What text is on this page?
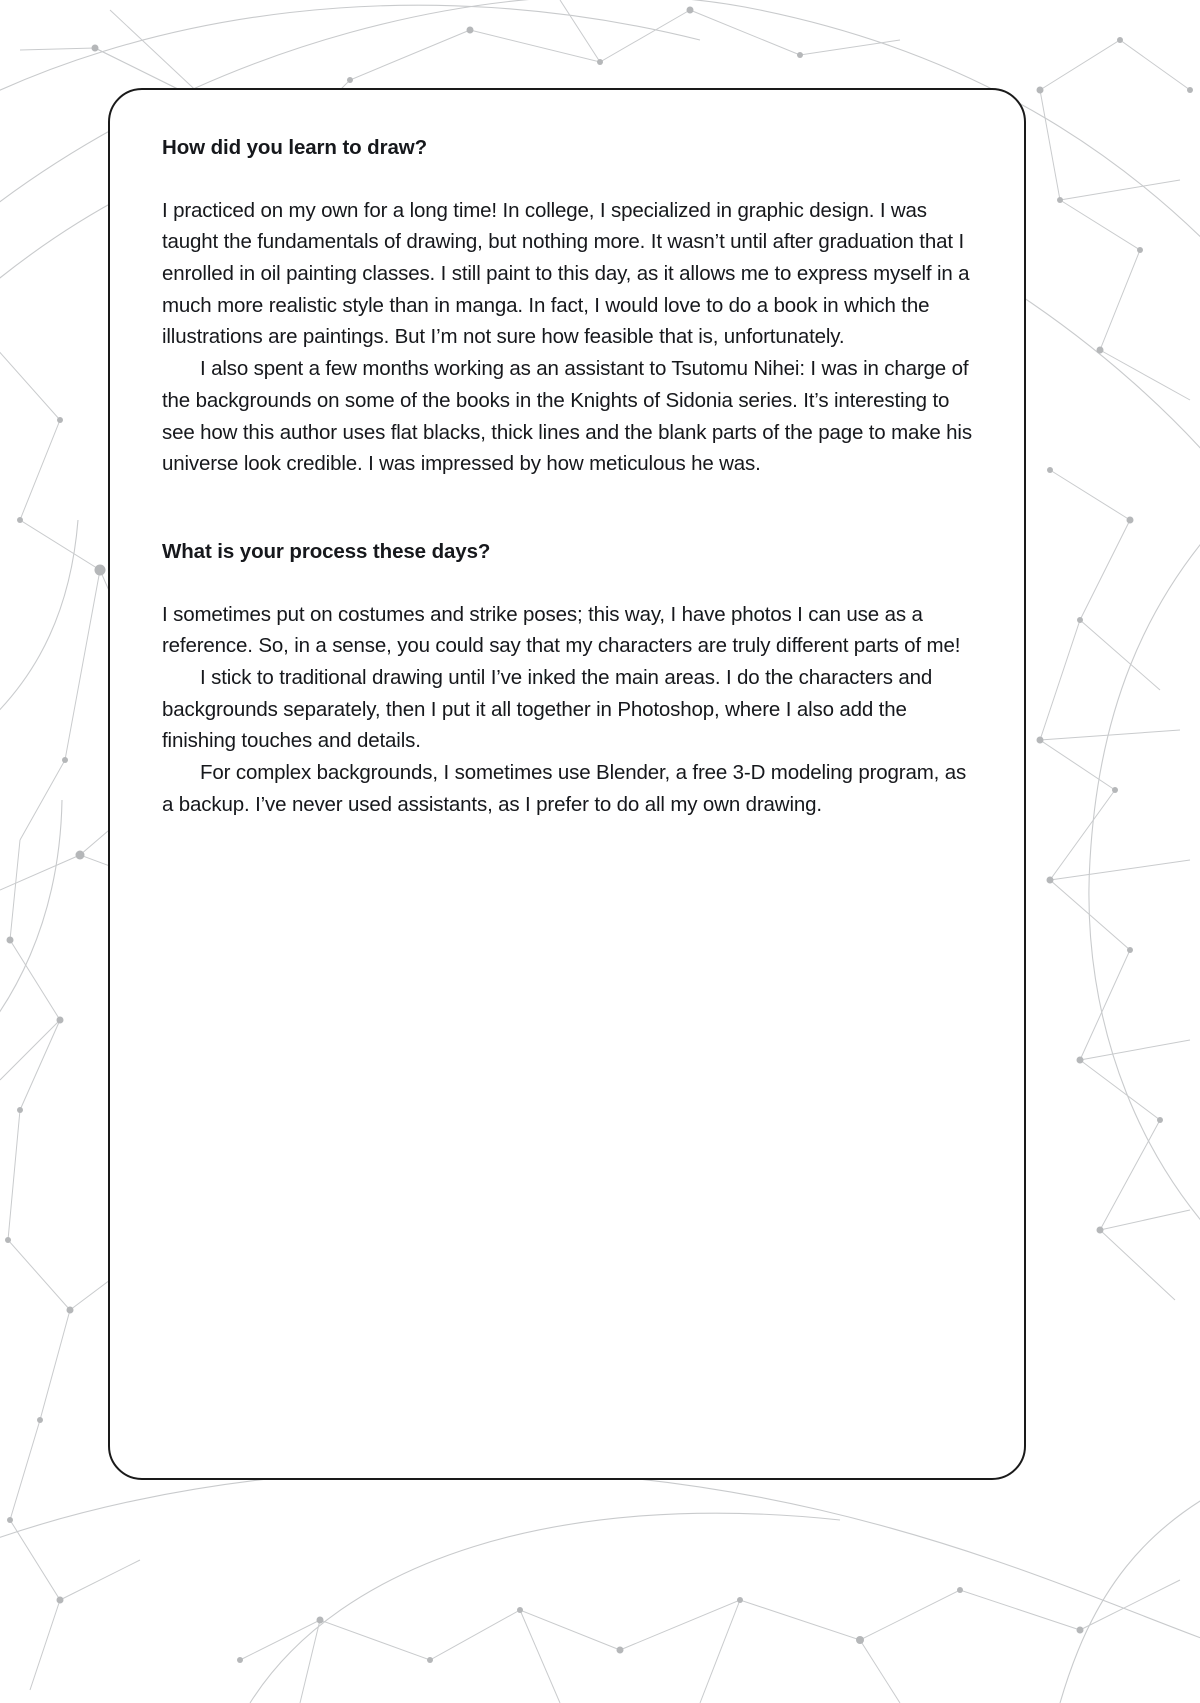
How did you learn to draw?

I practiced on my own for a long time! In college, I specialized in graphic design. I was taught the fundamentals of drawing, but nothing more. It wasn’t until after graduation that I enrolled in oil painting classes. I still paint to this day, as it allows me to express myself in a much more realistic style than in manga. In fact, I would love to do a book in which the illustrations are paintings. But I’m not sure how feasible that is, unfortunately.

I also spent a few months working as an assistant to Tsutomu Nihei: I was in charge of the backgrounds on some of the books in the Knights of Sidonia series. It’s interesting to see how this author uses flat blacks, thick lines and the blank parts of the page to make his universe look credible. I was impressed by how meticulous he was.

What is your process these days?

I sometimes put on costumes and strike poses; this way, I have photos I can use as a reference. So, in a sense, you could say that my characters are truly different parts of me!

I stick to traditional drawing until I’ve inked the main areas. I do the characters and backgrounds separately, then I put it all together in Photoshop, where I also add the finishing touches and details.

For complex backgrounds, I sometimes use Blender, a free 3-D modeling program, as a backup. I’ve never used assistants, as I prefer to do all my own drawing.
